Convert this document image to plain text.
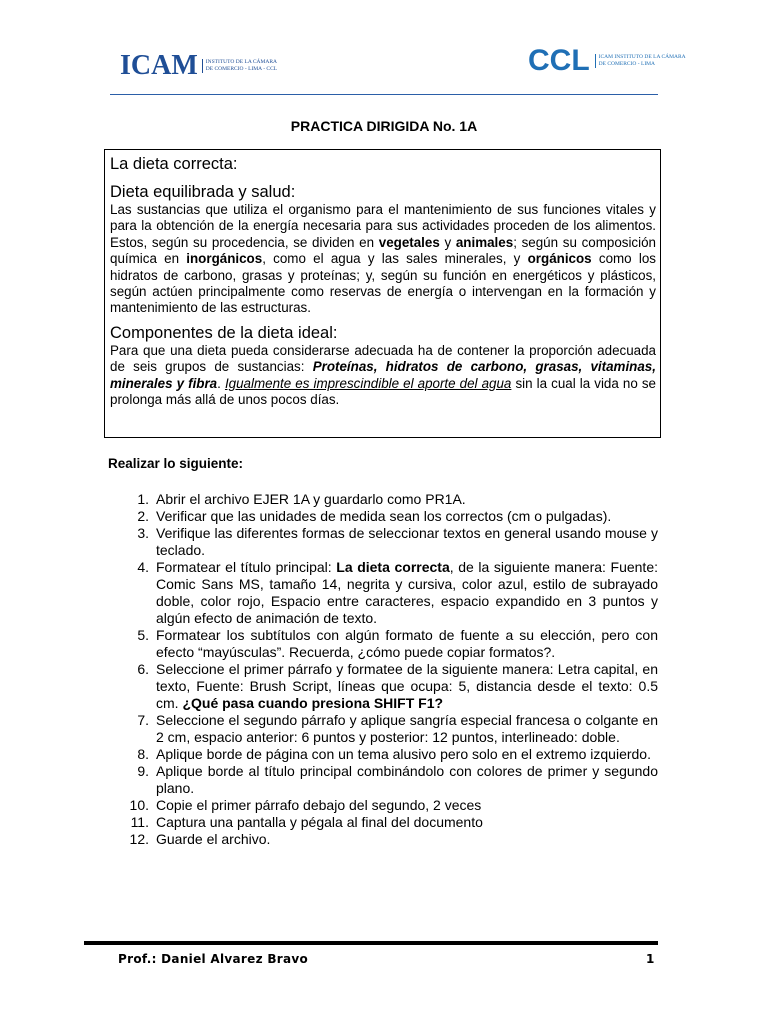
ICAM	INSTITUTO DE LA CÁMARA DE COMERCIO - LIMA - CCL	CCL	ICAM INSTITUTO DE LA CÁMARA DE COMERCIO - LIMA
PRACTICA DIRIGIDA No. 1A
La dieta correcta:
Dieta equilibrada y salud:

Las sustancias que utiliza el organismo para el mantenimiento de sus funciones vitales y para la obtención de la energía necesaria para sus actividades proceden de los alimentos. Estos, según su procedencia, se dividen en vegetales y animales; según su composición química en inorgánicos, como el agua y las sales minerales, y orgánicos como los hidratos de carbono, grasas y proteínas; y, según su función en energéticos y plásticos, según actúen principalmente como reservas de energía o intervengan en la formación y mantenimiento de las estructuras.

Componentes de la dieta ideal:

Para que una dieta pueda considerarse adecuada ha de contener la proporción adecuada de seis grupos de sustancias: Proteínas, hidratos de carbono, grasas, vitaminas, minerales y fibra. Igualmente es imprescindible el aporte del agua sin la cual la vida no se prolonga más allá de unos pocos días.

Realizar lo siguiente:
1. Abrir el archivo EJER 1A y guardarlo como PR1A.
2. Verificar que las unidades de medida sean los correctos (cm o pulgadas).
3. Verifique las diferentes formas de seleccionar textos en general usando mouse y teclado.
4. Formatear el título principal: La dieta correcta, de la siguiente manera: Fuente: Comic Sans MS, tamaño 14, negrita y cursiva, color azul, estilo de subrayado doble, color rojo, Espacio entre caracteres, espacio expandido en 3 puntos y algún efecto de animación de texto.
5. Formatear los subtítulos con algún formato de fuente a su elección, pero con efecto “mayúsculas”. Recuerda, ¿cómo puede copiar formatos?.
6. Seleccione el primer párrafo y formatee de la siguiente manera: Letra capital, en texto, Fuente: Brush Script, líneas que ocupa: 5, distancia desde el texto: 0.5 cm. ¿Qué pasa cuando presiona SHIFT F1?
7. Seleccione el segundo párrafo y aplique sangría especial francesa o colgante en 2 cm, espacio anterior: 6 puntos y posterior: 12 puntos, interlineado: doble.
8. Aplique borde de página con un tema alusivo pero solo en el extremo izquierdo.
9. Aplique borde al título principal combinándolo con colores de primer y segundo plano.
10. Copie el primer párrafo debajo del segundo, 2 veces
11. Captura una pantalla y pégala al final del documento
12. Guarde el archivo.
Prof.: Daniel Alvarez Bravo	1
